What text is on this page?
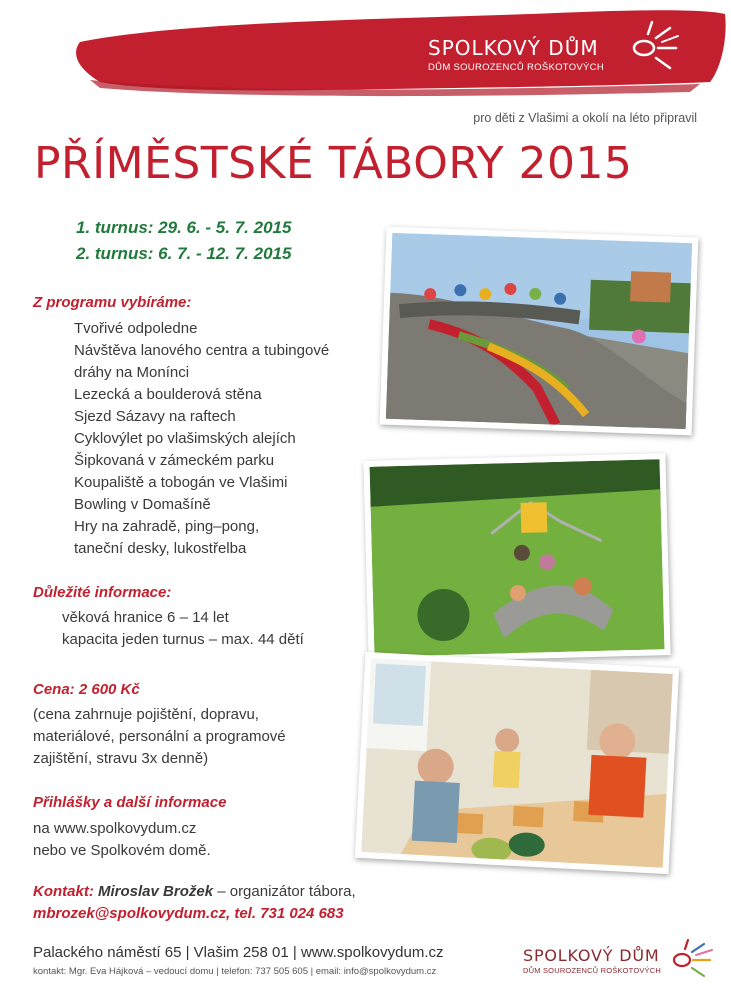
SPOLKOVÝ DŮM
DŮM SOUROZENCŮ ROŠKOTOVÝCH
pro děti z Vlašimi a okolí na léto připravil
PŘÍMĚSTSKÉ TÁBORY 2015
1. turnus: 29. 6. - 5. 7. 2015
2. turnus: 6. 7. - 12. 7. 2015
Z programu vybíráme:
Tvořivé odpoledne
Návštěva lanového centra a tubingové
dráhy na Monínci
Lezecká a boulderová stěna
Sjezd Sázavy na raftech
Cyklovýlet po vlašimských alejích
Šipkovaná v zámeckém parku
Koupaliště a tobogán ve Vlašimi
Bowling v Domašíně
Hry na zahradě, ping–pong,
taneční desky, lukostřelba
Důležité informace:
věková hranice 6 – 14 let
kapacita jeden turnus – max. 44 dětí
Cena: 2 600 Kč
(cena zahrnuje pojištění, dopravu,
materiálové, personální a programové
zajištění, stravu 3x denně)
Přihlášky a další informace
na www.spolkovydum.cz
nebo ve Spolkovém domě.
Kontakt: Miroslav Brožek – organizátor tábora,
mbrozek@spolkovydum.cz, tel. 731 024 683
Palackého náměstí 65 | Vlašim 258 01 | www.spolkovydum.cz
kontakt: Mgr. Eva Hájková – vedoucí domu | telefon: 737 505 605 | email: info@spolkovydum.cz
SPOLKOVÝ DŮM
DŮM SOUROZENCŮ ROŠKOTOVÝCH
